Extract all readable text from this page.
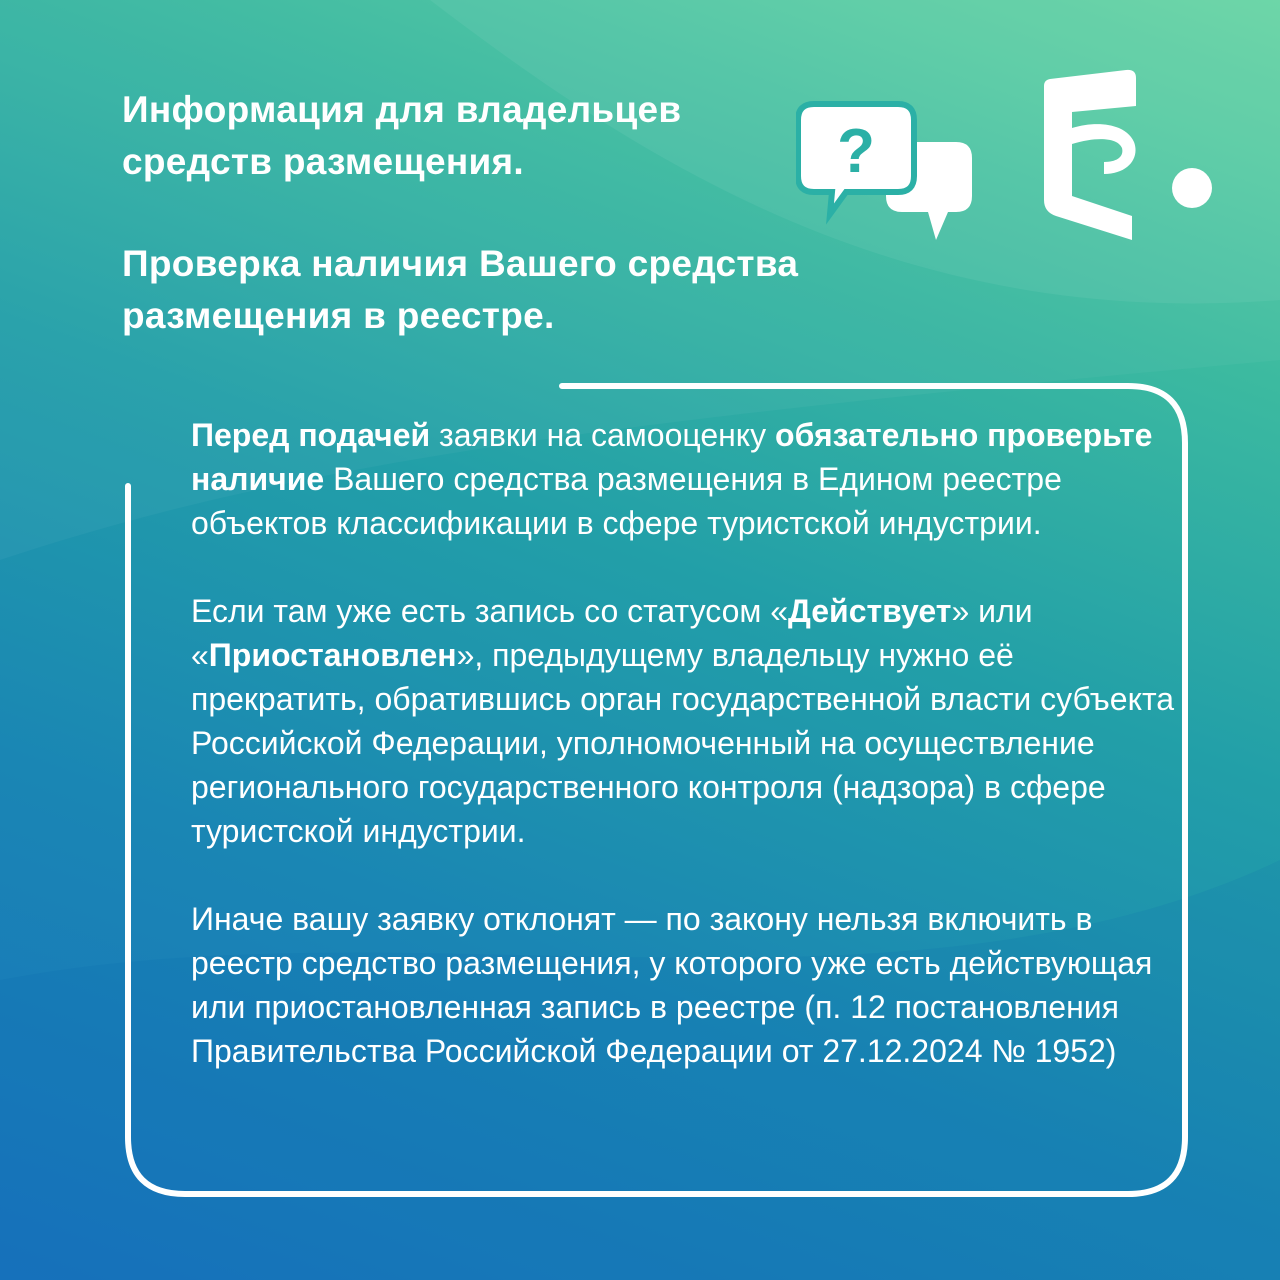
Информация для владельцев средств размещения.
Проверка наличия Вашего средства размещения в реестре.
?

Перед подачей заявки на самооценку обязательно проверьте наличие Вашего средства размещения в Едином реестре объектов классификации в сфере туристской индустрии.

Если там уже есть запись со статусом «Действует» или «Приостановлен», предыдущему владельцу нужно её прекратить, обратившись орган государственной власти субъекта Российской Федерации, уполномоченный на осуществление регионального государственного контроля (надзора) в сфере туристской индустрии.

Иначе вашу заявку отклонят — по закону нельзя включить в реестр средство размещения, у которого уже есть действующая или приостановленная запись в реестре (п. 12 постановления Правительства Российской Федерации от 27.12.2024 № 1952)
